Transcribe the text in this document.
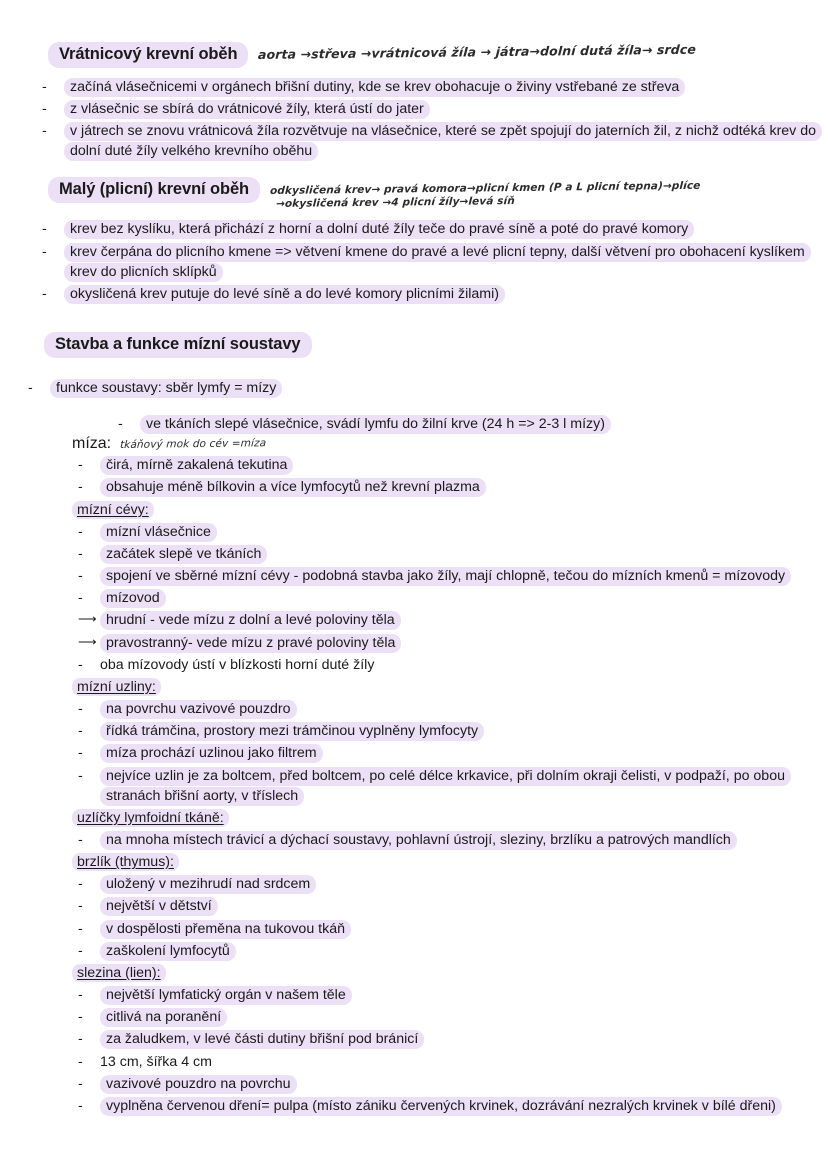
Vrátnicový krevní oběh	aorta →střeva →vrátnicová žíla → játra→dolní dutá žíla→ srdce
-	začíná vlásečnicemi v orgánech břišní dutiny, kde se krev obohacuje o živiny vstřebané ze střeva
-	z vlásečnic se sbírá do vrátnicové žíly, která ústí do jater
-	v játrech se znovu vrátnicová žíla rozvětvuje na vlásečnice, které se zpět spojují do jaterních žil, z nichž odtéká krev do dolní duté žíly velkého krevního oběhu
Malý (plicní) krevní oběh	odkysličená krev→ pravá komora→plicní kmen (P a L plicní tepna)→plíce
→okysličená krev →4 plicní žíly→levá síň
-	krev bez kyslíku, která přichází z horní a dolní duté žíly teče do pravé síně a poté do pravé komory
-	krev čerpána do plicního kmene => větvení kmene do pravé a levé plicní tepny, další větvení pro obohacení kyslíkem krev do plicních sklípků
-	okysličená krev putuje do levé síně a do levé komory plicními žilami)
Stavba a funkce mízní soustavy
-	funkce soustavy: sběr lymfy = mízy
-	ve tkáních slepé vlásečnice, svádí lymfu do žilní krve (24 h => 2-3 l mízy)
míza: tkáňový mok do cév =míza
-	čirá, mírně zakalená tekutina
-	obsahuje méně bílkovin a více lymfocytů než krevní plazma
mízní cévy:
-	mízní vlásečnice
-	začátek slepě ve tkáních
-	spojení ve sběrné mízní cévy - podobná stavba jako žíly, mají chlopně, tečou do mízních kmenů = mízovody
-	mízovod
⟶ hrudní - vede mízu z dolní a levé poloviny těla
⟶ pravostranný- vede mízu z pravé poloviny těla
-	oba mízovody ústí v blízkosti horní duté žíly
mízní uzliny:
-	na povrchu vazivové pouzdro
-	řídká trámčina, prostory mezi trámčinou vyplněny lymfocyty
-	míza prochází uzlinou jako filtrem
-	nejvíce uzlin je za boltcem, před boltcem, po celé délce krkavice, při dolním okraji čelisti, v podpaží, po obou stranách břišní aorty, v tříslech
uzlíčky lymfoidní tkáně:
-	na mnoha místech trávicí a dýchací soustavy, pohlavní ústrojí, sleziny, brzlíku a patrových mandlích
brzlík (thymus):
-	uložený v mezihrudí nad srdcem
-	největší v dětství
-	v dospělosti přeměna na tukovou tkáň
-	zaškolení lymfocytů
slezina (lien):
-	největší lymfatický orgán v našem těle
-	citlivá na poranění
-	za žaludkem, v levé části dutiny břišní pod bránicí
-	13 cm, šířka 4 cm
-	vazivové pouzdro na povrchu
-	vyplněna červenou dření= pulpa (místo zániku červených krvinek, dozrávání nezralých krvinek v bílé dřeni)
